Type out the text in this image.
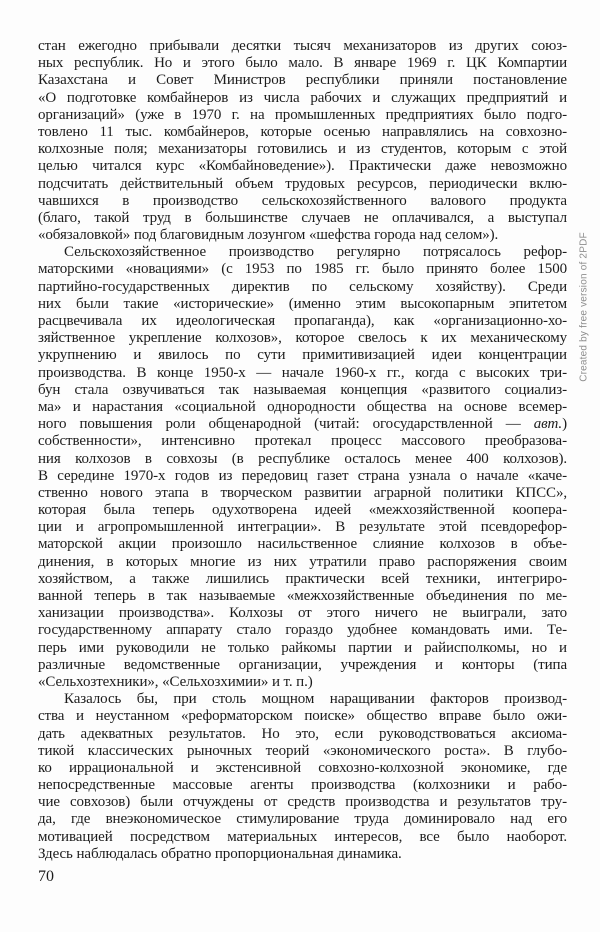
стан ежегодно прибывали десятки тысяч механизаторов из других союз-
ных республик. Но и этого было мало. В январе 1969 г. ЦК Компартии
Казахстана и Совет Министров республики приняли постановление
«О подготовке комбайнеров из числа рабочих и служащих предприятий и
организаций» (уже в 1970 г. на промышленных предприятиях было подго-
товлено 11 тыс. комбайнеров, которые осенью направлялись на совхозно-
колхозные поля; механизаторы готовились и из студентов, которым с этой
целью читался курс «Комбайноведение»). Практически даже невозможно
подсчитать действительный объем трудовых ресурсов, периодически вклю-
чавшихся в производство сельскохозяйственного валового продукта
(благо, такой труд в большинстве случаев не оплачивался, а выступал
«обязаловкой» под благовидным лозунгом «шефства города над селом»).
Сельскохозяйственное производство регулярно потрясалось рефор-
маторскими «новациями» (с 1953 по 1985 гг. было принято более 1500
партийно-государственных директив по сельскому хозяйству). Среди
них были такие «исторические» (именно этим высокопарным эпитетом
расцвечивала их идеологическая пропаганда), как «организационно-хо-
зяйственное укрепление колхозов», которое свелось к их механическому
укрупнению и явилось по сути примитивизацией идеи концентрации
производства. В конце 1950-х — начале 1960-х гг., когда с высоких три-
бун стала озвучиваться так называемая концепция «развитого социализ-
ма» и нарастания «социальной однородности общества на основе всемер-
ного повышения роли общенародной (читай: огосударствленной — авт.)
собственности», интенсивно протекал процесс массового преобразова-
ния колхозов в совхозы (в республике осталось менее 400 колхозов).
В середине 1970-х годов из передовиц газет страна узнала о начале «каче-
ственно нового этапа в творческом развитии аграрной политики КПСС»,
которая была теперь одухотворена идеей «межхозяйственной коопера-
ции и агропромышленной интеграции». В результате этой псевдорефор-
маторской акции произошло насильственное слияние колхозов в объе-
динения, в которых многие из них утратили право распоряжения своим
хозяйством, а также лишились практически всей техники, интегриро-
ванной теперь в так называемые «межхозяйственные объединения по ме-
ханизации производства». Колхозы от этого ничего не выиграли, зато
государственному аппарату стало гораздо удобнее командовать ими. Те-
перь ими руководили не только райкомы партии и райисполкомы, но и
различные ведомственные организации, учреждения и конторы (типа
«Сельхозтехники», «Сельхозхимии» и т. п.)
Казалось бы, при столь мощном наращивании факторов производ-
ства и неустанном «реформаторском поиске» общество вправе было ожи-
дать адекватных результатов. Но это, если руководствоваться аксиома-
тикой классических рыночных теорий «экономического роста». В глубо-
ко иррациональной и экстенсивной совхозно-колхозной экономике, где
непосредственные массовые агенты производства (колхозники и рабо-
чие совхозов) были отчуждены от средств производства и результатов тру-
да, где внеэкономическое стимулирование труда доминировало над его
мотивацией посредством материальных интересов, все было наоборот.
Здесь наблюдалась обратно пропорциональная динамика.
70
Created by free version of 2PDF
